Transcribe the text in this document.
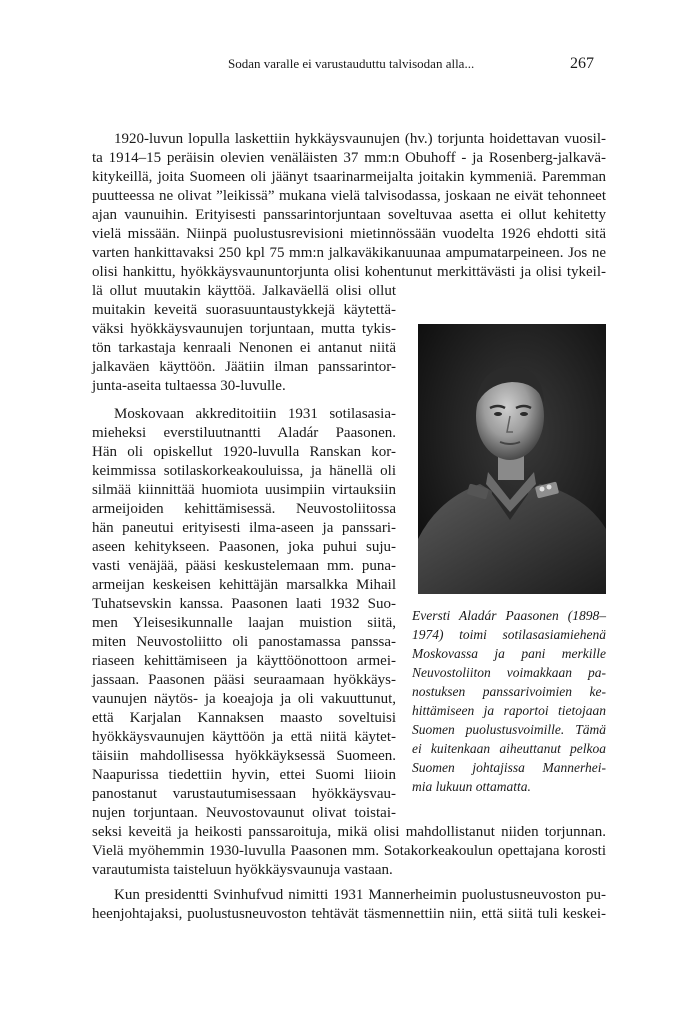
Sodan varalle ei varustauduttu talvisodan alla...	267
1920-luvun lopulla laskettiin hykkäysvaunujen (hv.) torjunta hoidettavan vuosil-
ta 1914–15 peräisin olevien venäläisten 37 mm:n Obuhoff - ja Rosenberg-jalkavä-
kitykeillä, joita Suomeen oli jäänyt tsaarinarmeijalta joitakin kymmeniä. Paremman
puutteessa ne olivat ”leikissä” mukana vielä talvisodassa, joskaan ne eivät tehonneet
ajan vaunuihin. Erityisesti panssarintorjuntaan soveltuvaa asetta ei ollut kehitetty
vielä missään. Niinpä puolustusrevisioni mietinnössään vuodelta 1926 ehdotti sitä
varten hankittavaksi 250 kpl 75 mm:n jalkaväkikanuunaa ampumatarpeineen. Jos ne
olisi hankittu, hyökkäysvaununtorjunta olisi kohentunut merkittävästi ja olisi tykeil-
lä ollut muutakin käyttöä. Jalkaväellä olisi ollut
muitakin keveitä suorasuuntaustykkejä käytettä-
väksi hyökkäysvaunujen torjuntaan, mutta tykis-
tön tarkastaja kenraali Nenonen ei antanut niitä
jalkaväen käyttöön. Jäätiin ilman panssarintor-
junta-aseita tultaessa 30-luvulle.
Moskovaan akkreditoitiin 1931 sotilasasia-
mieheksi everstiluutnantti Aladár Paasonen.
Hän oli opiskellut 1920-luvulla Ranskan kor-
keimmissa sotilaskorkeakouluissa, ja hänellä oli
silmää kiinnittää huomiota uusimpiin virtauksiin
armeijoiden kehittämisessä. Neuvostoliitossa
hän paneutui erityisesti ilma-aseen ja panssari-
aseen kehitykseen. Paasonen, joka puhui suju-
vasti venäjää, pääsi keskustelemaan mm. puna-
armeijan keskeisen kehittäjän marsalkka Mihail
Tuhatsevskin kanssa. Paasonen laati 1932 Suo-
men Yleisesikunnalle laajan muistion siitä,
miten Neuvostoliitto oli panostamassa panssa-
riaseen kehittämiseen ja käyttöönottoon armei-
jassaan. Paasonen pääsi seuraamaan hyökkäys-
vaunujen näytös- ja koeajoja ja oli vakuuttunut,
että Karjalan Kannaksen maasto soveltuisi
hyökkäysvaunujen käyttöön ja että niitä käytet-
täisiin mahdollisessa hyökkäyksessä Suomeen.
Naapurissa tiedettiin hyvin, ettei Suomi liioin
panostanut varustautumisessaan hyökkäysvau-
nujen torjuntaan. Neuvostovaunut olivat toistai-
seksi keveitä ja heikosti panssaroituja, mikä olisi mahdollistanut niiden torjunnan.
Vielä myöhemmin 1930-luvulla Paasonen mm. Sotakorkeakoulun opettajana korosti
varautumista taisteluun hyökkäysvaunuja vastaan.
Kun presidentti Svinhufvud nimitti 1931 Mannerheimin puolustusneuvoston pu-
heenjohtajaksi, puolustusneuvoston tehtävät täsmennettiin niin, että siitä tuli keskei-
Eversti Aladár Paasonen (1898–
1974) toimi sotilasasiamiehenä
Moskovassa ja pani merkille
Neuvostoliiton voimakkaan pa-
nostuksen panssarivoimien ke-
hittämiseen ja raportoi tietojaan
Suomen puolustusvoimille. Tämä
ei kuitenkaan aiheuttanut pelkoa
Suomen johtajissa Mannerhei-
mia lukuun ottamatta.
